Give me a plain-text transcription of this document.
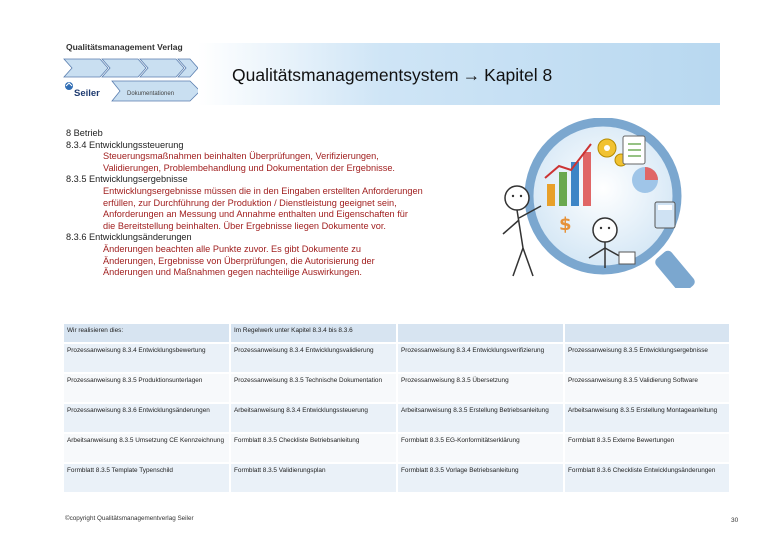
Qualitätsmanagement Verlag
Seiler	Dokumentationen
Qualitätsmanagementsystem → Kapitel 8
8 Betrieb
8.3.4 Entwicklungssteuerung
Steuerungsmaßnahmen beinhalten Überprüfungen, Verifizierungen,
Validierungen, Problembehandlung und Dokumentation der Ergebnisse.
8.3.5 Entwicklungsergebnisse
Entwicklungsergebnisse müssen die in den Eingaben erstellten Anforderungen
erfüllen, zur Durchführung der Produktion / Dienstleistung geeignet sein,
Anforderungen an Messung und Annahme enthalten und Eigenschaften für
die Bereitstellung beinhalten. Über Ergebnisse liegen Dokumente vor.
8.3.6 Entwicklungsänderungen
Änderungen beachten alle Punkte zuvor. Es gibt Dokumente zu
Änderungen, Ergebnisse von Überprüfungen, die Autorisierung der
Änderungen und Maßnahmen gegen nachteilige Auswirkungen.
$
Wir realisieren dies:	Im Regelwerk unter Kapitel 8.3.4 bis 8.3.6		
Prozessanweisung 8.3.4 Entwicklungsbewertung	Prozessanweisung 8.3.4 Entwicklungsvalidierung	Prozessanweisung 8.3.4 Entwicklungsverifizierung	Prozessanweisung 8.3.5 Entwicklungsergebnisse
Prozessanweisung 8.3.5 Produktionsunterlagen	Prozessanweisung 8.3.5 Technische Dokumentation	Prozessanweisung 8.3.5 Übersetzung	Prozessanweisung 8.3.5 Validierung Software
Prozessanweisung 8.3.6 Entwicklungsänderungen	Arbeitsanweisung 8.3.4 Entwicklungssteuerung	Arbeitsanweisung 8.3.5 Erstellung Betriebsanleitung	Arbeitsanweisung 8.3.5 Erstellung Montageanleitung
Arbeitsanweisung 8.3.5 Umsetzung CE Kennzeichnung	Formblatt 8.3.5 Checkliste Betriebsanleitung	Formblatt 8.3.5 EG-Konformitätserklärung	Formblatt 8.3.5 Externe Bewertungen
Formblatt 8.3.5 Template Typenschild	Formblatt 8.3.5 Validierungsplan	Formblatt 8.3.5 Vorlage Betriebsanleitung	Formblatt 8.3.6 Checkliste Entwicklungsänderungen
©copyright Qualitätsmanagementverlag Seiler	30
